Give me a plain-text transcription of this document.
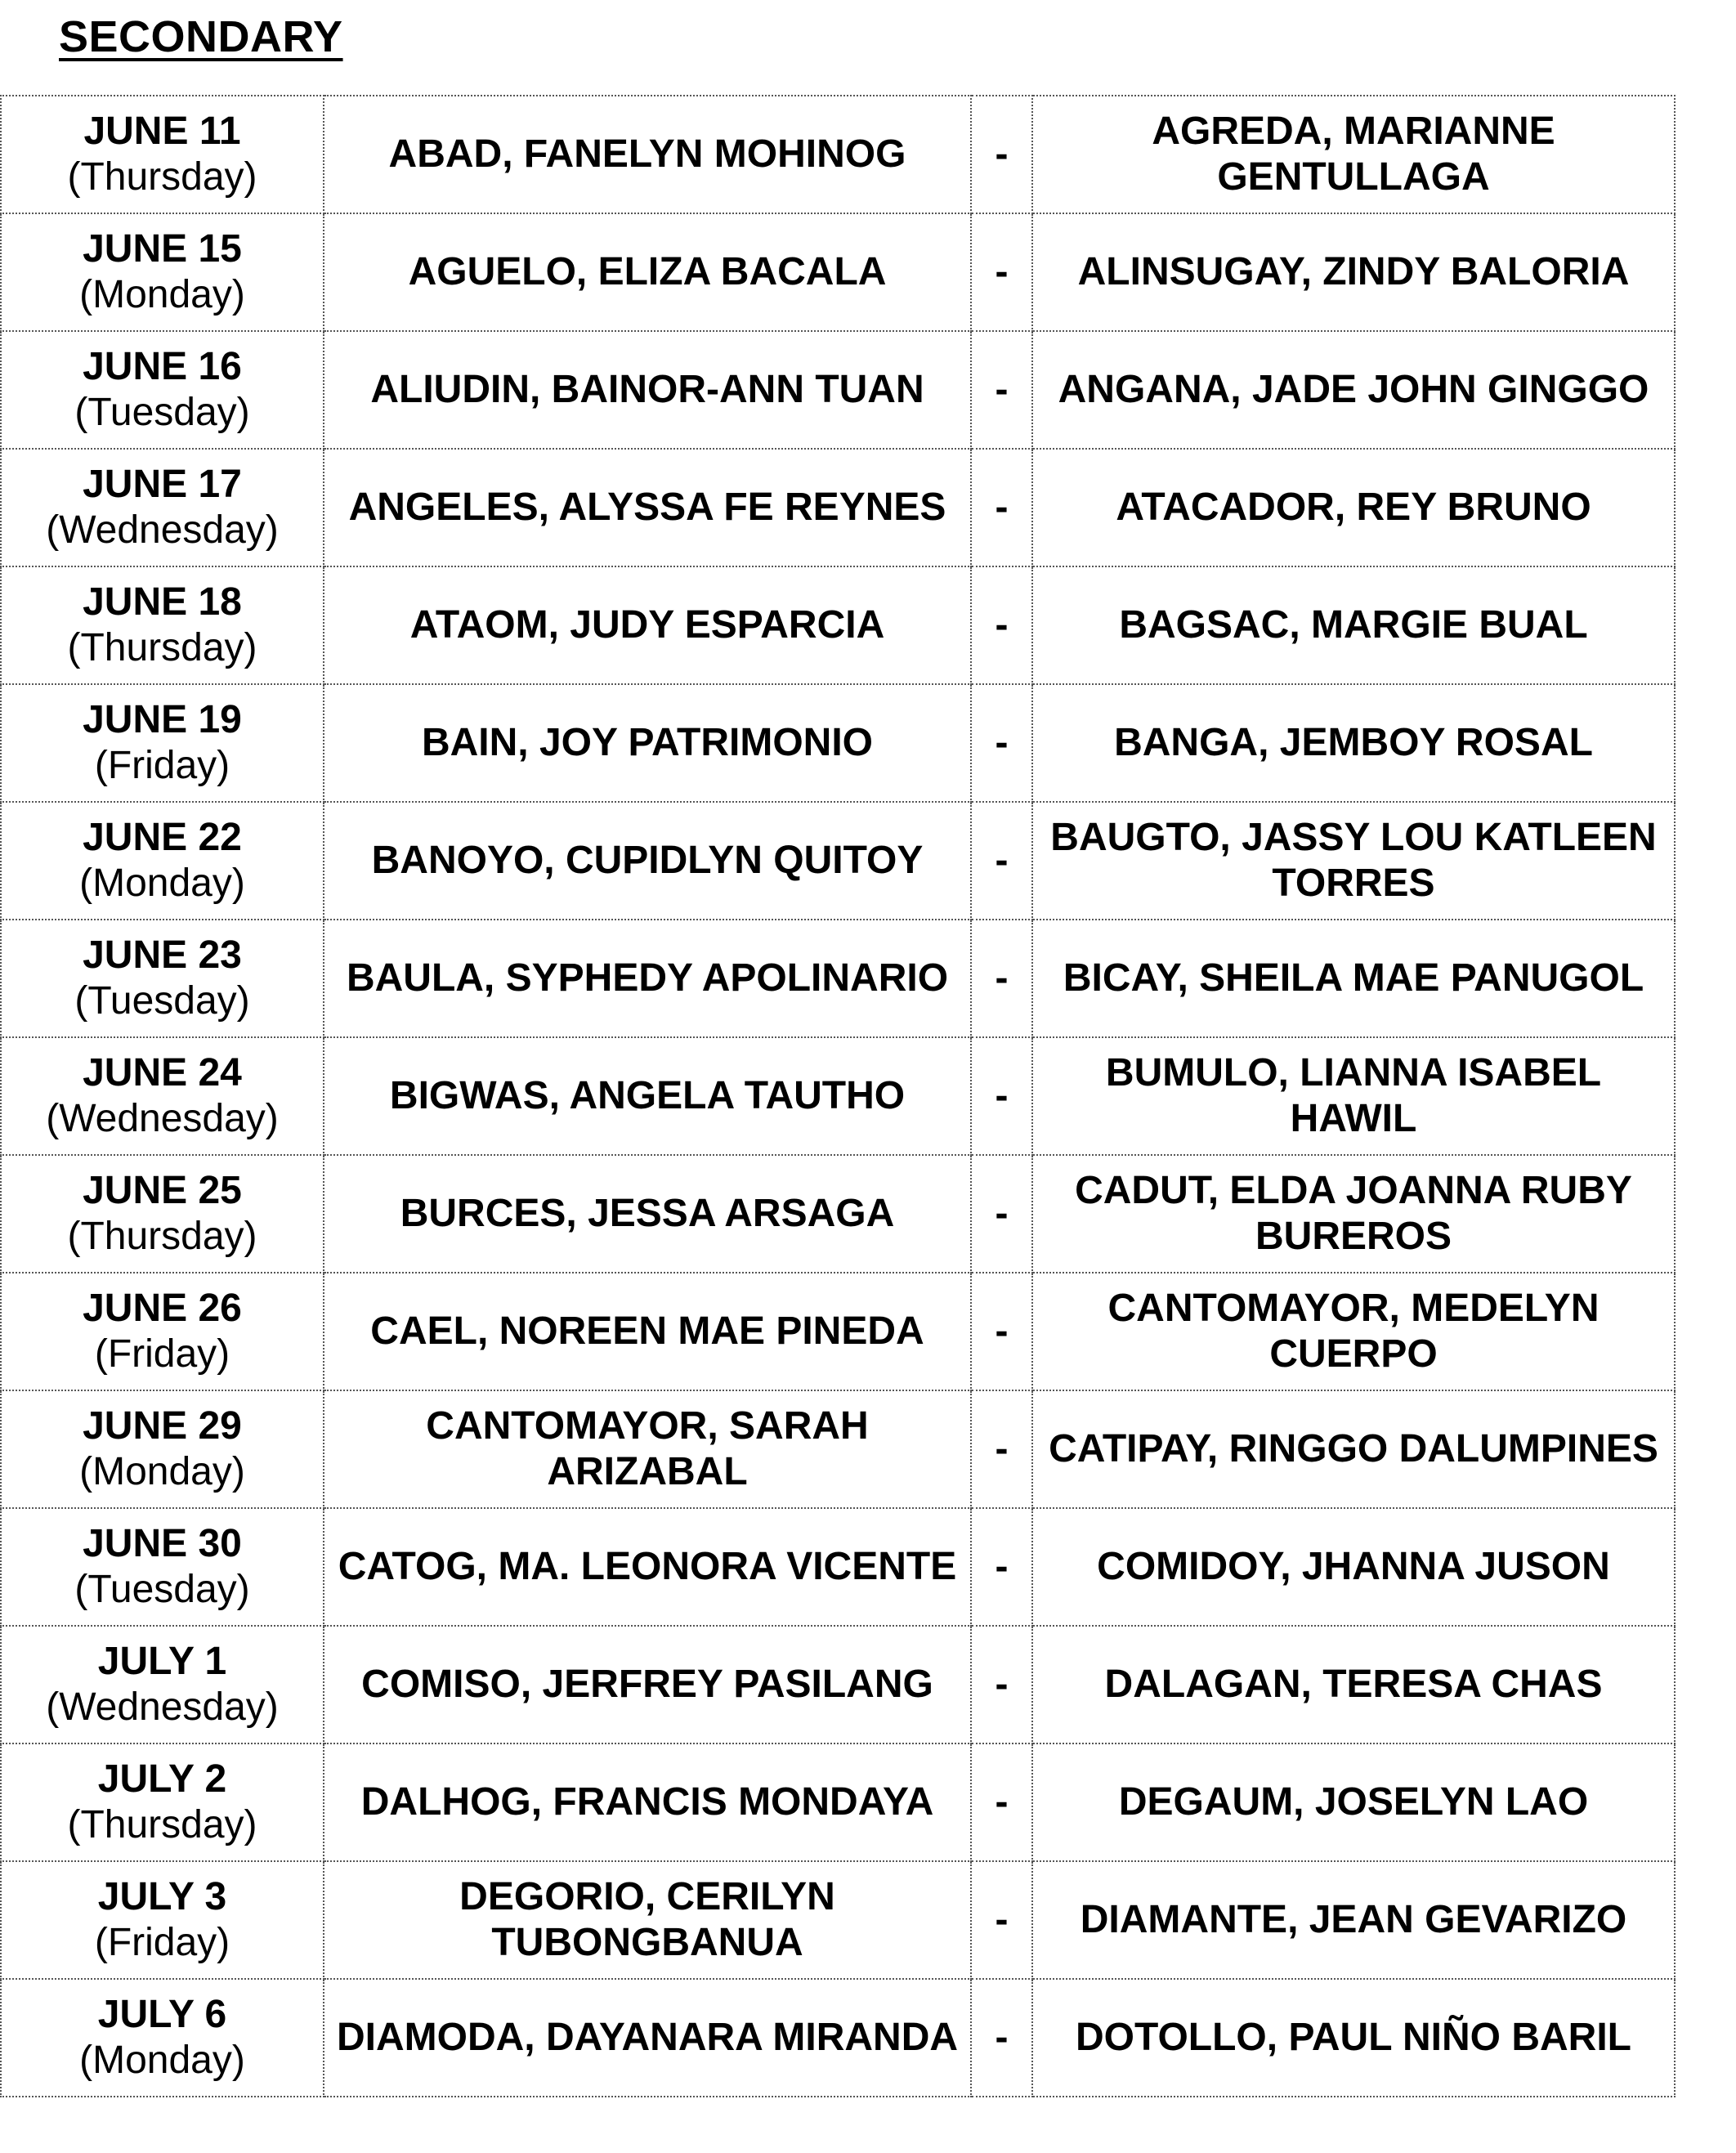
SECONDARY
JUNE 11
(Thursday)	ABAD, FANELYN MOHINOG	-	AGREDA, MARIANNE GENTULLAGA

JUNE 15
(Monday)	AGUELO, ELIZA BACALA	-	ALINSUGAY, ZINDY BALORIA

JUNE 16
(Tuesday)	ALIUDIN, BAINOR-ANN TUAN	-	ANGANA, JADE JOHN GINGGO

JUNE 17
(Wednesday)	ANGELES, ALYSSA FE REYNES	-	ATACADOR, REY BRUNO

JUNE 18
(Thursday)	ATAOM, JUDY ESPARCIA	-	BAGSAC, MARGIE BUAL

JUNE 19
(Friday)	BAIN, JOY PATRIMONIO	-	BANGA, JEMBOY ROSAL

JUNE 22
(Monday)	BANOYO, CUPIDLYN QUITOY	-	BAUGTO, JASSY LOU KATLEEN TORRES

JUNE 23
(Tuesday)	BAULA, SYPHEDY APOLINARIO	-	BICAY, SHEILA MAE PANUGOL

JUNE 24
(Wednesday)	BIGWAS, ANGELA TAUTHO	-	BUMULO, LIANNA ISABEL HAWIL

JUNE 25
(Thursday)	BURCES, JESSA ARSAGA	-	CADUT, ELDA JOANNA RUBY BUREROS

JUNE 26
(Friday)	CAEL, NOREEN MAE PINEDA	-	CANTOMAYOR, MEDELYN CUERPO

JUNE 29
(Monday)	CANTOMAYOR, SARAH ARIZABAL	-	CATIPAY, RINGGO DALUMPINES

JUNE 30
(Tuesday)	CATOG, MA. LEONORA VICENTE	-	COMIDOY, JHANNA JUSON

JULY 1
(Wednesday)	COMISO, JERFREY PASILANG	-	DALAGAN, TERESA CHAS

JULY 2
(Thursday)	DALHOG, FRANCIS MONDAYA	-	DEGAUM, JOSELYN LAO

JULY 3
(Friday)	DEGORIO, CERILYN TUBONGBANUA	-	DIAMANTE, JEAN GEVARIZO

JULY 6
(Monday)	DIAMODA, DAYANARA MIRANDA	-	DOTOLLO, PAUL NIÑO BARIL
